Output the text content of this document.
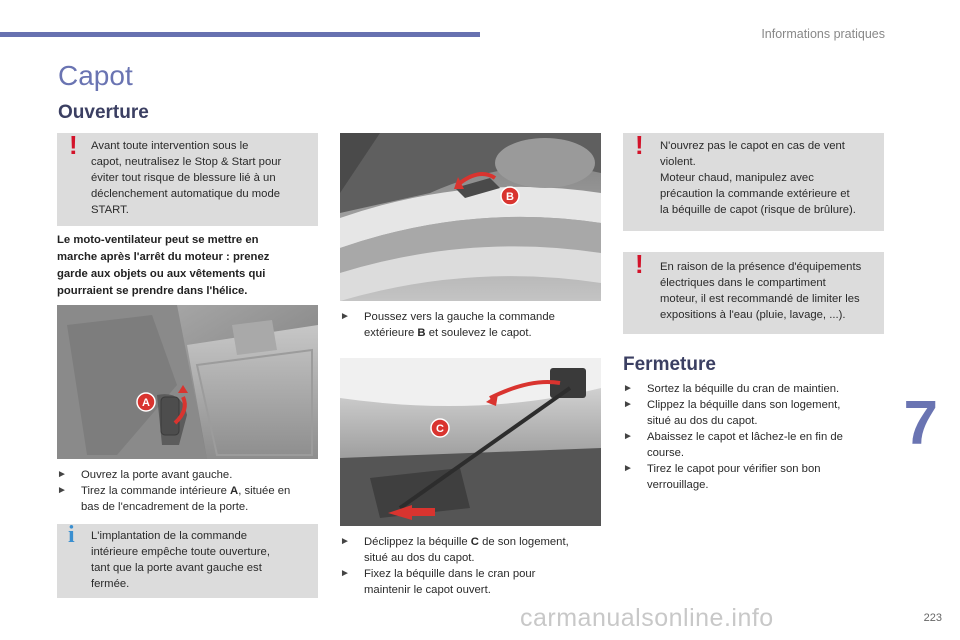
Informations pratiques
Capot
Ouverture
! Avant toute intervention sous le
capot, neutralisez le Stop & Start pour
éviter tout risque de blessure lié à un
déclenchement automatique du mode
START.
Le moto-ventilateur peut se mettre en
marche après l'arrêt du moteur : prenez
garde aux objets ou aux vêtements qui
pourraient se prendre dans l'hélice.
A
► Ouvrez la porte avant gauche.
► Tirez la commande intérieure A, située en
bas de l'encadrement de la porte.
i L'implantation de la commande
intérieure empêche toute ouverture,
tant que la porte avant gauche est
fermée.
B
► Poussez vers la gauche la commande
extérieure B et soulevez le capot.
C
► Déclippez la béquille C de son logement,
situé au dos du capot.
► Fixez la béquille dans le cran pour
maintenir le capot ouvert.
! N'ouvrez pas le capot en cas de vent
violent.
Moteur chaud, manipulez avec
précaution la commande extérieure et
la béquille de capot (risque de brûlure).
! En raison de la présence d'équipements
électriques dans le compartiment
moteur, il est recommandé de limiter les
expositions à l'eau (pluie, lavage, ...).
Fermeture
► Sortez la béquille du cran de maintien.
► Clippez la béquille dans son logement,
situé au dos du capot.
► Abaissez le capot et lâchez-le en fin de
course.
► Tirez le capot pour vérifier son bon
verrouillage.
7
223
carmanualsonline.info
